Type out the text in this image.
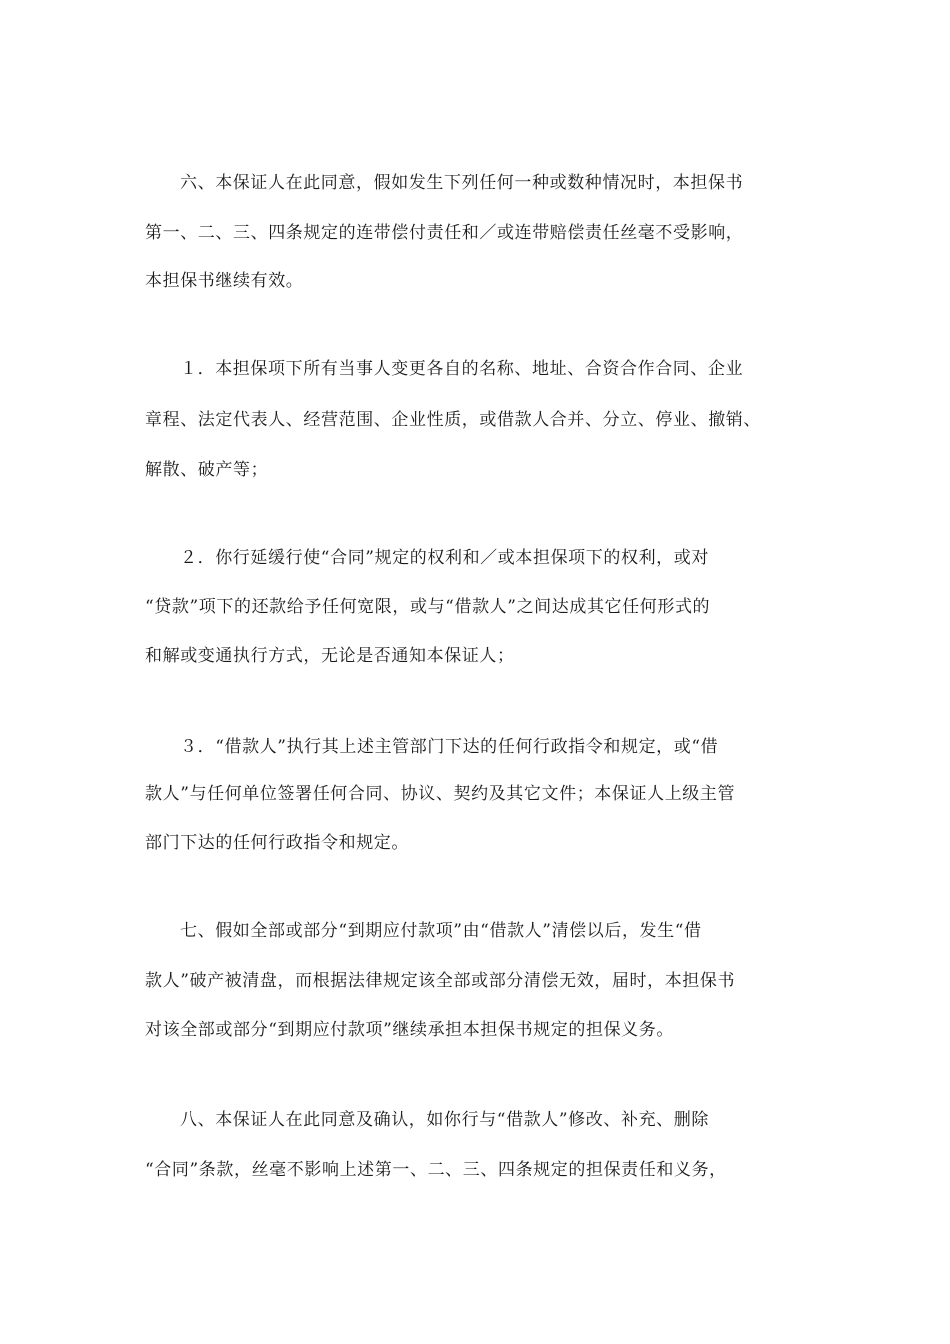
六、本保证人在此同意，假如发生下列任何一种或数种情况时，本担保书
第一、二、三、四条规定的连带偿付责任和／或连带赔偿责任丝毫不受影响，
本担保书继续有效。
１．本担保项下所有当事人变更各自的名称、地址、合资合作合同、企业
章程、法定代表人、经营范围、企业性质，或借款人合并、分立、停业、撤销、
解散、破产等；
２．你行延缓行使“合同”规定的权利和／或本担保项下的权利，或对
“贷款”项下的还款给予任何宽限，或与“借款人”之间达成其它任何形式的
和解或变通执行方式，无论是否通知本保证人；
３．“借款人”执行其上述主管部门下达的任何行政指令和规定，或“借
款人”与任何单位签署任何合同、协议、契约及其它文件；本保证人上级主管
部门下达的任何行政指令和规定。
七、假如全部或部分“到期应付款项”由“借款人”清偿以后，发生“借
款人”破产被清盘，而根据法律规定该全部或部分清偿无效，届时，本担保书
对该全部或部分“到期应付款项”继续承担本担保书规定的担保义务。
八、本保证人在此同意及确认，如你行与“借款人”修改、补充、删除
“合同”条款，丝毫不影响上述第一、二、三、四条规定的担保责任和义务，
